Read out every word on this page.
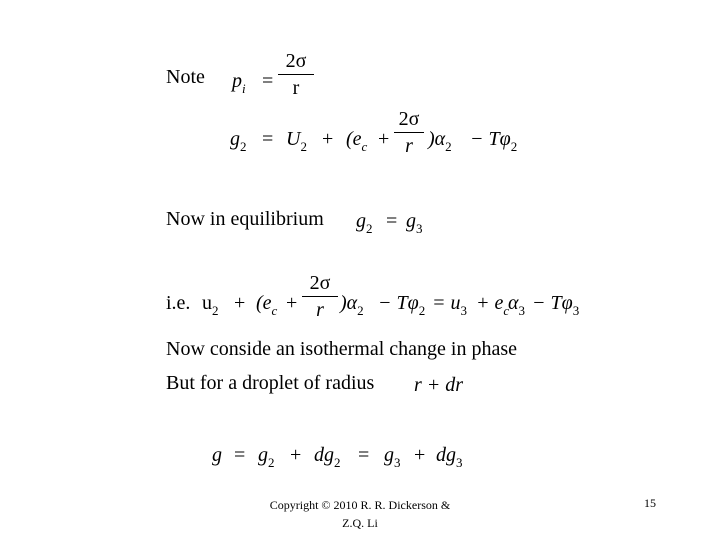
Note $p_i$ =
2σ
r
$g_2 = U_2 + (e_c$ +
2σ
r )$\alpha_2 - T\varphi_2$
Now in equilibrium $g_2 = g_3$
i.e. $u_2 + (e_c$ +
2σ
r )$\alpha_2 - T\varphi_2 = u_3 + e_c$
$\alpha_3 - T\varphi_3$
Now conside an isothermal change in phase
But for a droplet of radius r + dr
$g = g_2 + dg_2 = g_3 + dg_3$
Copyright © 2010 R. R. Dickerson &
Z.Q. Li
15
